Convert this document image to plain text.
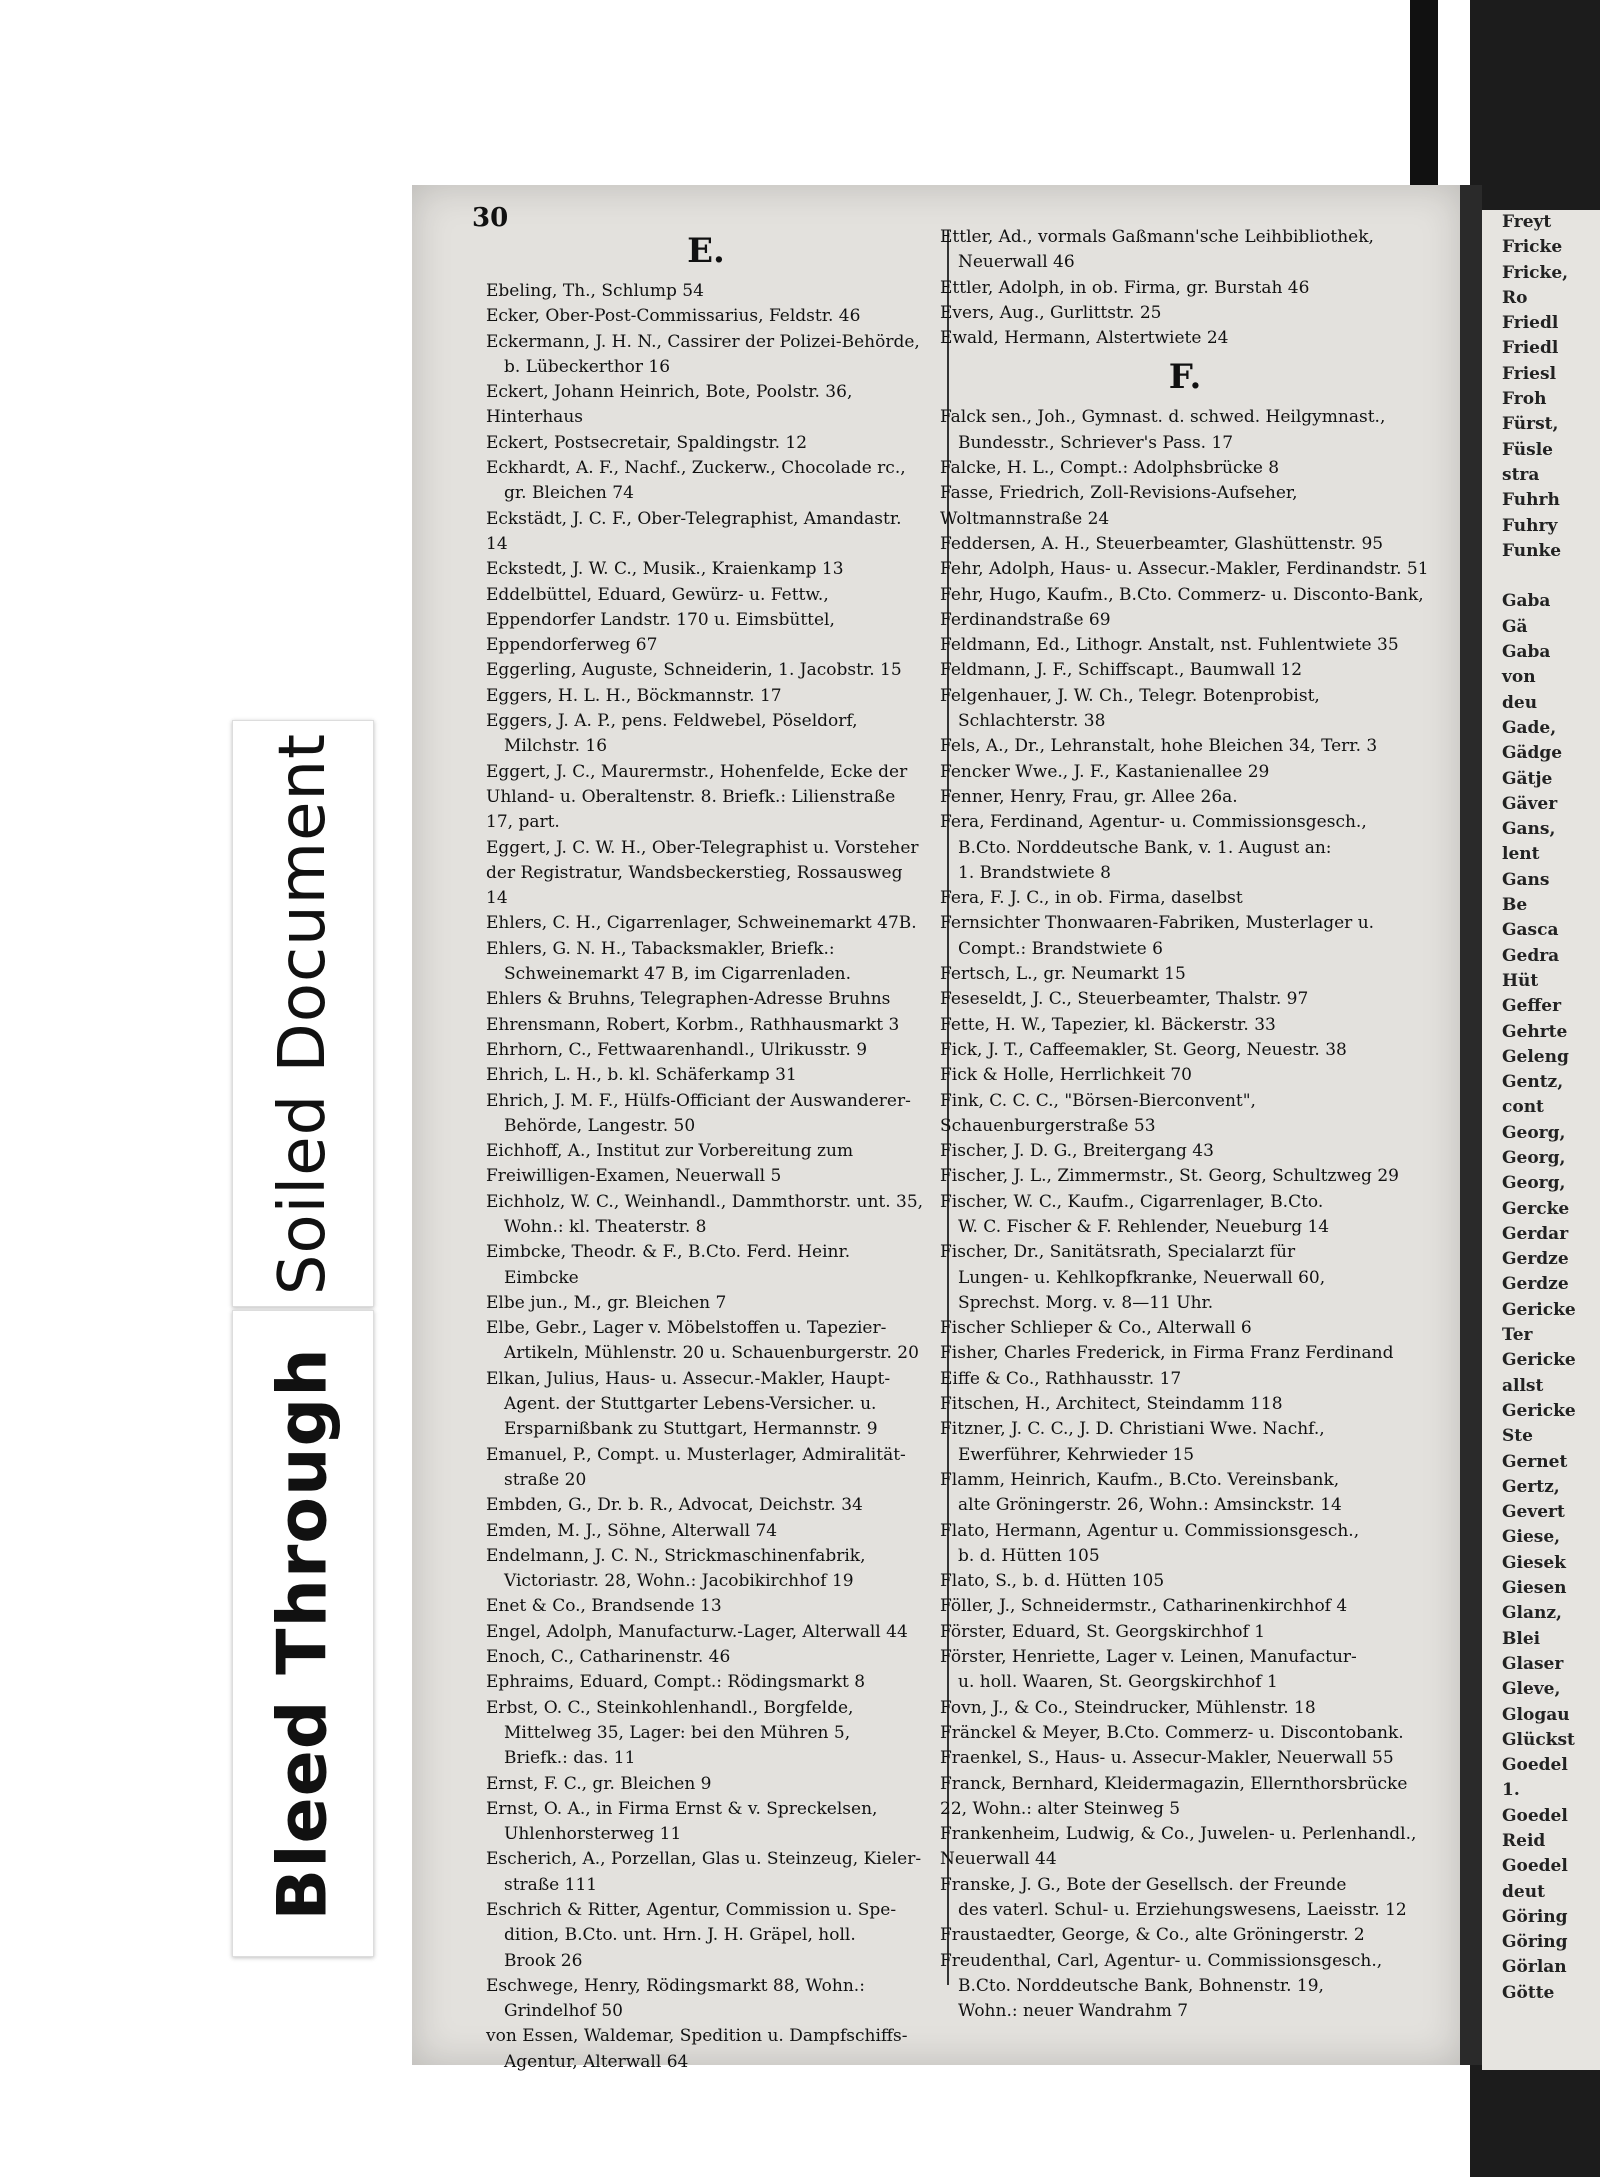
Soiled Document
Bleed Through
Freyt
Fricke
Fricke,
Ro
Friedl
Friedl
Friesl
Froh
Fürst,
Füsle
stra
Fuhrh
Fuhry
Funke

Gaba
Gä
Gaba
von
deu
Gade,
Gädge
Gätje
Gäver
Gans,
lent
Gans
Be
Gasca
Gedra
Hüt
Geffer
Gehrte
Geleng
Gentz,
cont
Georg,
Georg,
Georg,
Gercke
Gerdar
Gerdze
Gerdze
Gericke
Ter
Gericke
allst
Gericke
Ste
Gernet
Gertz,
Gevert
Giese,
Giesek
Giesen
Glanz,
Blei
Glaser
Gleve,
Glogau
Glückst
Goedel
1.
Goedel
Reid
Goedel
deut
Göring
Göring
Görlan
Götte
30
E.
Ebeling, Th., Schlump 54
Ecker, Ober-Post-Commissarius, Feldstr. 46
Eckermann, J. H. N., Cassirer der Polizei-Behörde,
b. Lübeckerthor 16
Eckert, Johann Heinrich, Bote, Poolstr. 36, Hinterhaus
Eckert, Postsecretair, Spaldingstr. 12
Eckhardt, A. F., Nachf., Zuckerw., Chocolade rc.,
gr. Bleichen 74
Eckstädt, J. C. F., Ober-Telegraphist, Amandastr. 14
Eckstedt, J. W. C., Musik., Kraienkamp 13
Eddelbüttel, Eduard, Gewürz- u. Fettw., Eppendorfer Landstr. 170 u. Eimsbüttel, Eppendorferweg 67
Eggerling, Auguste, Schneiderin, 1. Jacobstr. 15
Eggers, H. L. H., Böckmannstr. 17
Eggers, J. A. P., pens. Feldwebel, Pöseldorf,
Milchstr. 16
Eggert, J. C., Maurermstr., Hohenfelde, Ecke der Uhland- u. Oberaltenstr. 8. Briefk.: Lilienstraße 17, part.
Eggert, J. C. W. H., Ober-Telegraphist u. Vorsteher der Registratur, Wandsbeckerstieg, Rossausweg 14
Ehlers, C. H., Cigarrenlager, Schweinemarkt 47B.
Ehlers, G. N. H., Tabacksmakler, Briefk.:
Schweinemarkt 47 B, im Cigarrenladen.
Ehlers & Bruhns, Telegraphen-Adresse Bruhns
Ehrensmann, Robert, Korbm., Rathhausmarkt 3
Ehrhorn, C., Fettwaarenhandl., Ulrikusstr. 9
Ehrich, L. H., b. kl. Schäferkamp 31
Ehrich, J. M. F., Hülfs-Officiant der Auswanderer-
Behörde, Langestr. 50
Eichhoff, A., Institut zur Vorbereitung zum Freiwilligen-Examen, Neuerwall 5
Eichholz, W. C., Weinhandl., Dammthorstr. unt. 35,
Wohn.: kl. Theaterstr. 8
Eimbcke, Theodr. & F., B.Cto. Ferd. Heinr.
Eimbcke
Elbe jun., M., gr. Bleichen 7
Elbe, Gebr., Lager v. Möbelstoffen u. Tapezier-
Artikeln, Mühlenstr. 20 u. Schauenburgerstr. 20
Elkan, Julius, Haus- u. Assecur.-Makler, Haupt-
Agent. der Stuttgarter Lebens-Versicher. u. Ersparnißbank zu Stuttgart, Hermannstr. 9
Emanuel, P., Compt. u. Musterlager, Admiralität-
straße 20
Embden, G., Dr. b. R., Advocat, Deichstr. 34
Emden, M. J., Söhne, Alterwall 74
Endelmann, J. C. N., Strickmaschinenfabrik,
Victoriastr. 28, Wohn.: Jacobikirchhof 19
Enet & Co., Brandsende 13
Engel, Adolph, Manufacturw.-Lager, Alterwall 44
Enoch, C., Catharinenstr. 46
Ephraims, Eduard, Compt.: Rödingsmarkt 8
Erbst, O. C., Steinkohlenhandl., Borgfelde,
Mittelweg 35, Lager: bei den Mühren 5,
Briefk.: das. 11
Ernst, F. C., gr. Bleichen 9
Ernst, O. A., in Firma Ernst & v. Spreckelsen,
Uhlenhorsterweg 11
Escherich, A., Porzellan, Glas u. Steinzeug, Kieler-
straße 111
Eschrich & Ritter, Agentur, Commission u. Spe-
dition, B.Cto. unt. Hrn. J. H. Gräpel, holl.
Brook 26
Eschwege, Henry, Rödingsmarkt 88, Wohn.:
Grindelhof 50
von Essen, Waldemar, Spedition u. Dampfschiffs-
Agentur, Alterwall 64
Ettler, Ad., vormals Gaßmann'sche Leihbibliothek,
Neuerwall 46
Ettler, Adolph, in ob. Firma, gr. Burstah 46
Evers, Aug., Gurlittstr. 25
Ewald, Hermann, Alstertwiete 24
F.
Falck sen., Joh., Gymnast. d. schwed. Heilgymnast.,
Bundesstr., Schriever's Pass. 17
Falcke, H. L., Compt.: Adolphsbrücke 8
Fasse, Friedrich, Zoll-Revisions-Aufseher, Woltmannstraße 24
Feddersen, A. H., Steuerbeamter, Glashüttenstr. 95
Fehr, Adolph, Haus- u. Assecur.-Makler, Ferdinandstr. 51
Fehr, Hugo, Kaufm., B.Cto. Commerz- u. Disconto-Bank, Ferdinandstraße 69
Feldmann, Ed., Lithogr. Anstalt, nst. Fuhlentwiete 35
Feldmann, J. F., Schiffscapt., Baumwall 12
Felgenhauer, J. W. Ch., Telegr. Botenprobist,
Schlachterstr. 38
Fels, A., Dr., Lehranstalt, hohe Bleichen 34, Terr. 3
Fencker Wwe., J. F., Kastanienallee 29
Fenner, Henry, Frau, gr. Allee 26a.
Fera, Ferdinand, Agentur- u. Commissionsgesch.,
B.Cto. Norddeutsche Bank, v. 1. August an:
1. Brandstwiete 8
Fera, F. J. C., in ob. Firma, daselbst
Fernsichter Thonwaaren-Fabriken, Musterlager u.
Compt.: Brandstwiete 6
Fertsch, L., gr. Neumarkt 15
Feseseldt, J. C., Steuerbeamter, Thalstr. 97
Fette, H. W., Tapezier, kl. Bäckerstr. 33
Fick, J. T., Caffeemakler, St. Georg, Neuestr. 38
Fick & Holle, Herrlichkeit 70
Fink, C. C. C., "Börsen-Bierconvent", Schauenburgerstraße 53
Fischer, J. D. G., Breitergang 43
Fischer, J. L., Zimmermstr., St. Georg, Schultzweg 29
Fischer, W. C., Kaufm., Cigarrenlager, B.Cto.
W. C. Fischer & F. Rehlender, Neueburg 14
Fischer, Dr., Sanitätsrath, Specialarzt für
Lungen- u. Kehlkopfkranke, Neuerwall 60,
Sprechst. Morg. v. 8—11 Uhr.
Fischer Schlieper & Co., Alterwall 6
Fisher, Charles Frederick, in Firma Franz Ferdinand Eiffe & Co., Rathhausstr. 17
Fitschen, H., Architect, Steindamm 118
Fitzner, J. C. C., J. D. Christiani Wwe. Nachf.,
Ewerführer, Kehrwieder 15
Flamm, Heinrich, Kaufm., B.Cto. Vereinsbank,
alte Gröningerstr. 26, Wohn.: Amsinckstr. 14
Flato, Hermann, Agentur u. Commissionsgesch.,
b. d. Hütten 105
Flato, S., b. d. Hütten 105
Föller, J., Schneidermstr., Catharinenkirchhof 4
Förster, Eduard, St. Georgskirchhof 1
Förster, Henriette, Lager v. Leinen, Manufactur-
u. holl. Waaren, St. Georgskirchhof 1
Fovn, J., & Co., Steindrucker, Mühlenstr. 18
Fränckel & Meyer, B.Cto. Commerz- u. Discontobank.
Fraenkel, S., Haus- u. Assecur-Makler, Neuerwall 55
Franck, Bernhard, Kleidermagazin, Ellernthorsbrücke 22, Wohn.: alter Steinweg 5
Frankenheim, Ludwig, & Co., Juwelen- u. Perlenhandl., Neuerwall 44
Franske, J. G., Bote der Gesellsch. der Freunde
des vaterl. Schul- u. Erziehungswesens, Laeisstr. 12
Fraustaedter, George, & Co., alte Gröningerstr. 2
Freudenthal, Carl, Agentur- u. Commissionsgesch.,
B.Cto. Norddeutsche Bank, Bohnenstr. 19,
Wohn.: neuer Wandrahm 7
